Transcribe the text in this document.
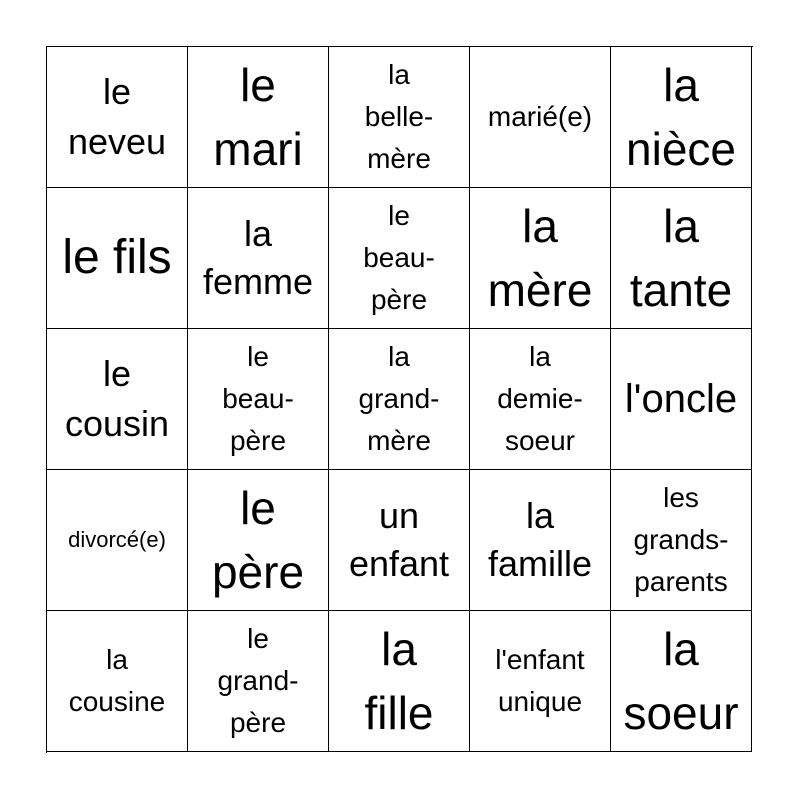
le
neveu
le
mari
la
belle-
mère
marié(e)
la
nièce
le fils	la
femme
le
beau-
père
la
mère
la
tante
le
cousin
le
beau-
père
la
grand-
mère
la
demie-
soeur
l'oncle
divorcé(e)
le
père
un
enfant
la
famille
les
grands-
parents
la
cousine
le
grand-
père
la
fille
l'enfant
unique
la
soeur
